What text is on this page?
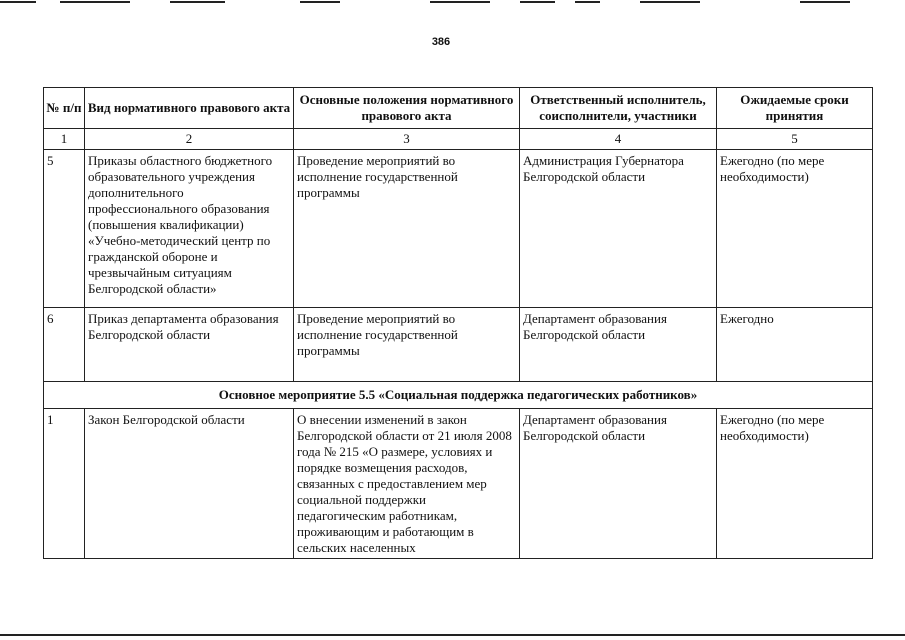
386
№ п/п	Вид нормативного правового акта	Основные положения нормативного правового акта	Ответственный исполнитель, соисполнители, участники	Ожидаемые сроки принятия
1	2	3	4	5
5	Приказы областного бюджетного образовательного учреждения дополнительного профессионального образования (повышения квалификации) «Учебно-методический центр по гражданской обороне и чрезвычайным ситуациям Белгородской области»	Проведение мероприятий во исполнение государственной программы	Администрация Губернатора Белгородской области	Ежегодно (по мере необходимости)
6	Приказ департамента образования Белгородской области	Проведение мероприятий во исполнение государственной программы	Департамент образования Белгородской области	Ежегодно
Основное мероприятие 5.5 «Социальная поддержка педагогических работников»				
1	Закон Белгородской области	О внесении изменений в закон Белгородской области от 21 июля 2008 года № 215 «О размере, условиях и порядке возмещения расходов, связанных с предоставлением мер социальной поддержки педагогическим работникам, проживающим и работающим в сельских населенных	Департамент образования Белгородской области	Ежегодно (по мере необходимости)
